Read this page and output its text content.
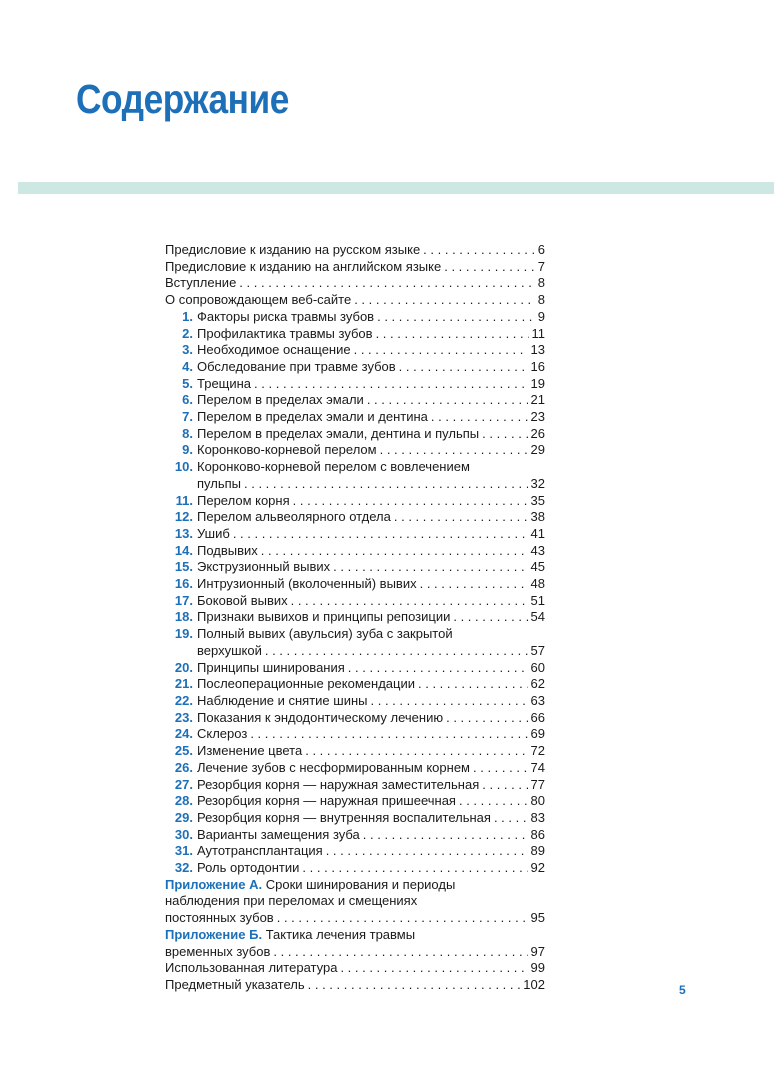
Содержание
Предисловие к изданию на русском языке . . .	6
Предисловие к изданию на английском языке . . .	7
Вступление . . .	8
О сопровождающем веб-сайте . . .	8
1. Факторы риска травмы зубов . . .	9
2. Профилактика травмы зубов . . .	11
3. Необходимое оснащение . . .	13
4. Обследование при травме зубов . . .	16
5. Трещина . . .	19
6. Перелом в пределах эмали . . .	21
7. Перелом в пределах эмали и дентина . . .	23
8. Перелом в пределах эмали, дентина и пульпы . . .	26
9. Коронково-корневой перелом . . .	29
10. Коронково-корневой перелом с вовлечением
пульпы . . .	32
11. Перелом корня . . .	35
12. Перелом альвеолярного отдела . . .	38
13. Ушиб . . .	41
14. Подвывих . . .	43
15. Экструзионный вывих . . .	45
16. Интрузионный (вколоченный) вывих . . .	48
17. Боковой вывих . . .	51
18. Признаки вывихов и принципы репозиции . . .	54
19. Полный вывих (авульсия) зуба с закрытой
верхушкой . . .	57
20. Принципы шинирования . . .	60
21. Послеоперационные рекомендации . . .	62
22. Наблюдение и снятие шины . . .	63
23. Показания к эндодонтическому лечению . . .	66
24. Склероз . . .	69
25. Изменение цвета . . .	72
26. Лечение зубов с несформированным корнем . . .	74
27. Резорбция корня — наружная заместительная . . .	77
28. Резорбция корня — наружная пришеечная . . .	80
29. Резорбция корня — внутренняя воспалительная . . .	83
30. Варианты замещения зуба . . .	86
31. Аутотрансплантация . . .	89
32. Роль ортодонтии . . .	92
Приложение А. Сроки шинирования и периоды
наблюдения при переломах и смещениях
постоянных зубов . . .	95
Приложение Б. Тактика лечения травмы
временных зубов . . .	97
Использованная литература . . .	99
Предметный указатель . . .	102	5
